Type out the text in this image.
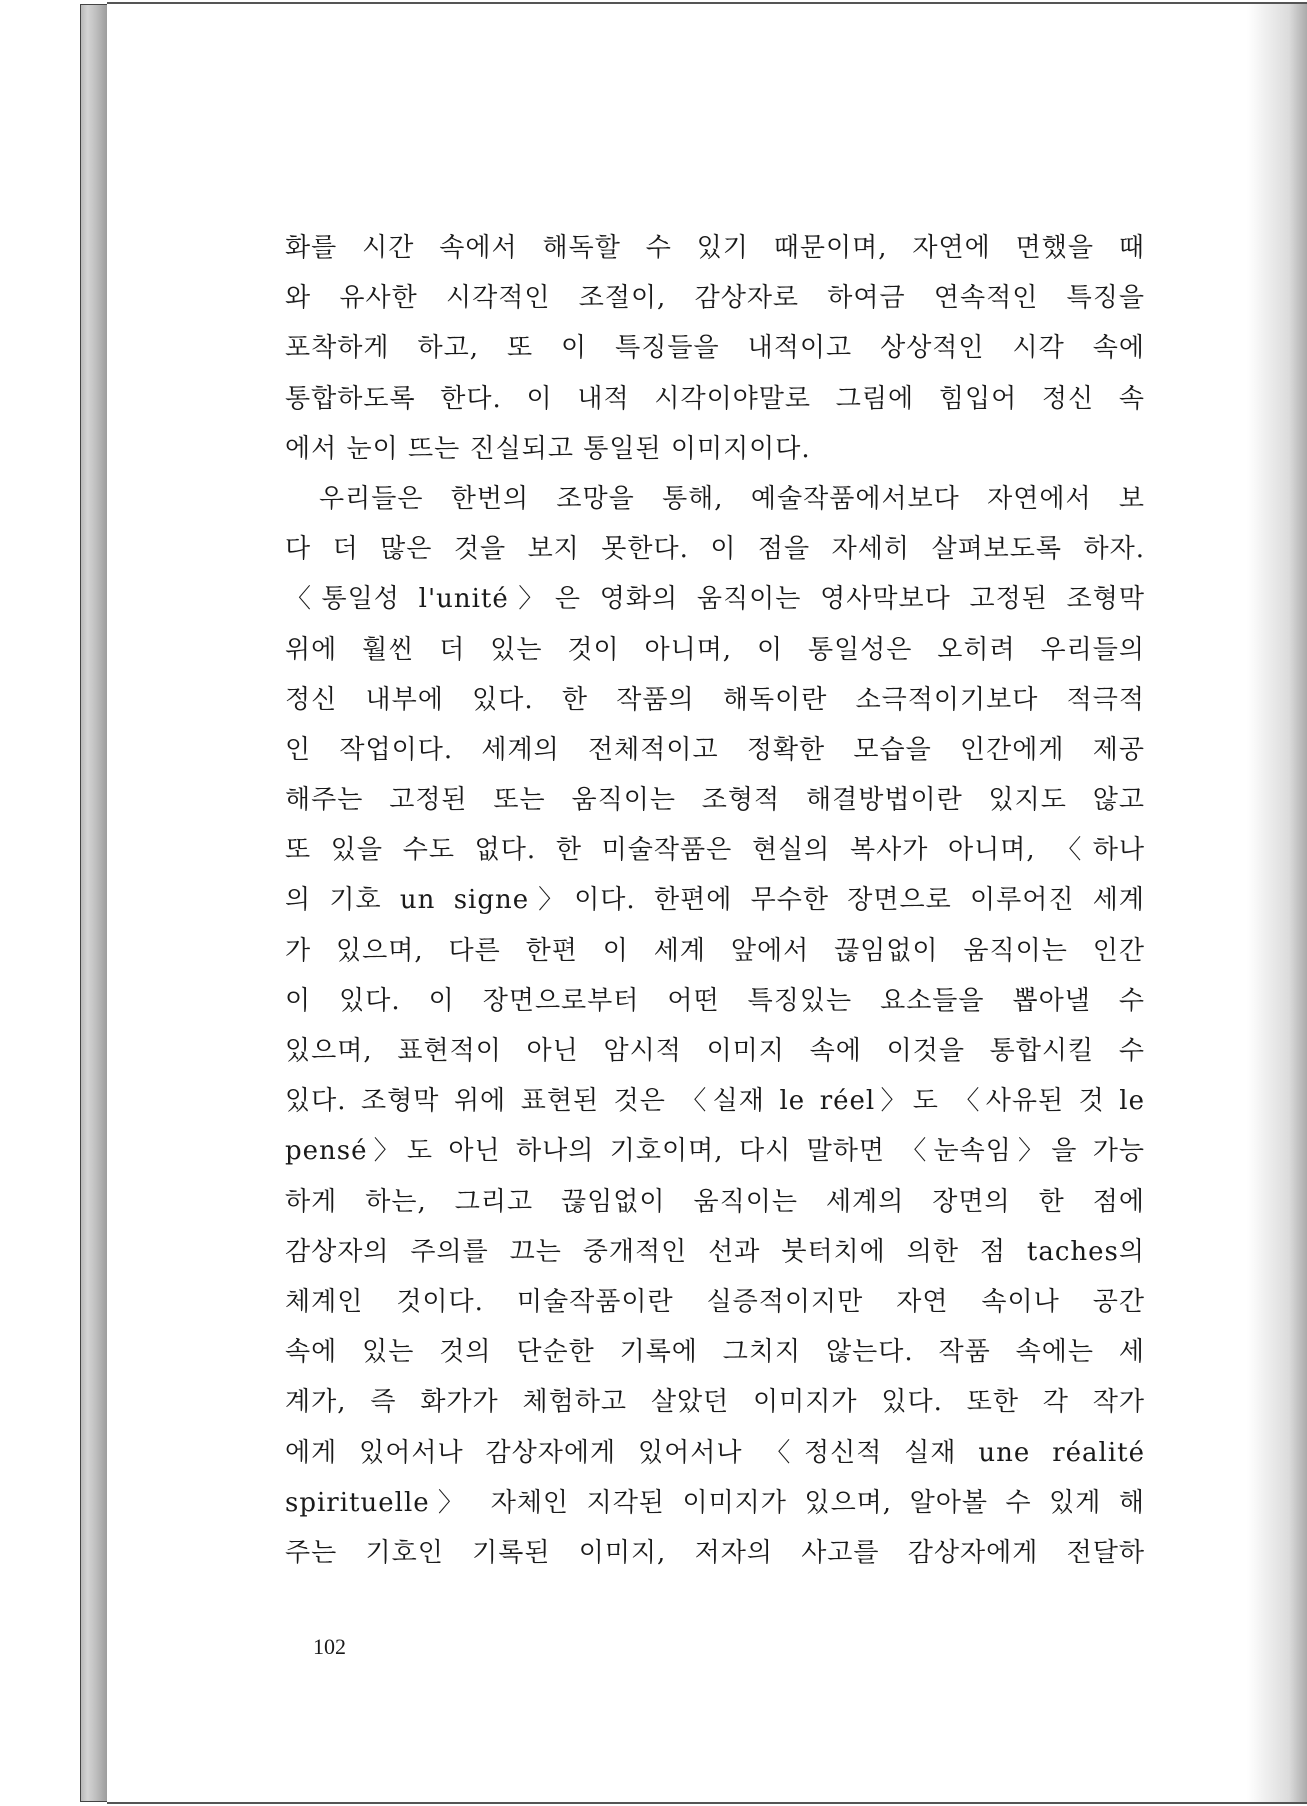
화를 시간 속에서 해독할 수 있기 때문이며, 자연에 면했을 때
와 유사한 시각적인 조절이, 감상자로 하여금 연속적인 특징을
포착하게 하고, 또 이 특징들을 내적이고 상상적인 시각 속에
통합하도록 한다. 이 내적 시각이야말로 그림에 힘입어 정신 속
에서 눈이 뜨는 진실되고 통일된 이미지이다.
우리들은 한번의 조망을 통해, 예술작품에서보다 자연에서 보
다 더 많은 것을 보지 못한다. 이 점을 자세히 살펴보도록 하자.
〈통일성 l'unité〉은 영화의 움직이는 영사막보다 고정된 조형막
위에 훨씬 더 있는 것이 아니며, 이 통일성은 오히려 우리들의
정신 내부에 있다. 한 작품의 해독이란 소극적이기보다 적극적
인 작업이다. 세계의 전체적이고 정확한 모습을 인간에게 제공
해주는 고정된 또는 움직이는 조형적 해결방법이란 있지도 않고
또 있을 수도 없다. 한 미술작품은 현실의 복사가 아니며, 〈하나
의 기호 un signe〉이다. 한편에 무수한 장면으로 이루어진 세계
가 있으며, 다른 한편 이 세계 앞에서 끊임없이 움직이는 인간
이 있다. 이 장면으로부터 어떤 특징있는 요소들을 뽑아낼 수
있으며, 표현적이 아닌 암시적 이미지 속에 이것을 통합시킬 수
있다. 조형막 위에 표현된 것은 〈실재 le réel〉도 〈사유된 것 le
pensé〉도 아닌 하나의 기호이며, 다시 말하면 〈눈속임〉을 가능
하게 하는, 그리고 끊임없이 움직이는 세계의 장면의 한 점에
감상자의 주의를 끄는 중개적인 선과 붓터치에 의한 점 taches의
체계인 것이다. 미술작품이란 실증적이지만 자연 속이나 공간
속에 있는 것의 단순한 기록에 그치지 않는다. 작품 속에는 세
계가, 즉 화가가 체험하고 살았던 이미지가 있다. 또한 각 작가
에게 있어서나 감상자에게 있어서나 〈정신적 실재 une réalité
spirituelle〉 자체인 지각된 이미지가 있으며, 알아볼 수 있게 해
주는 기호인 기록된 이미지, 저자의 사고를 감상자에게 전달하
102
